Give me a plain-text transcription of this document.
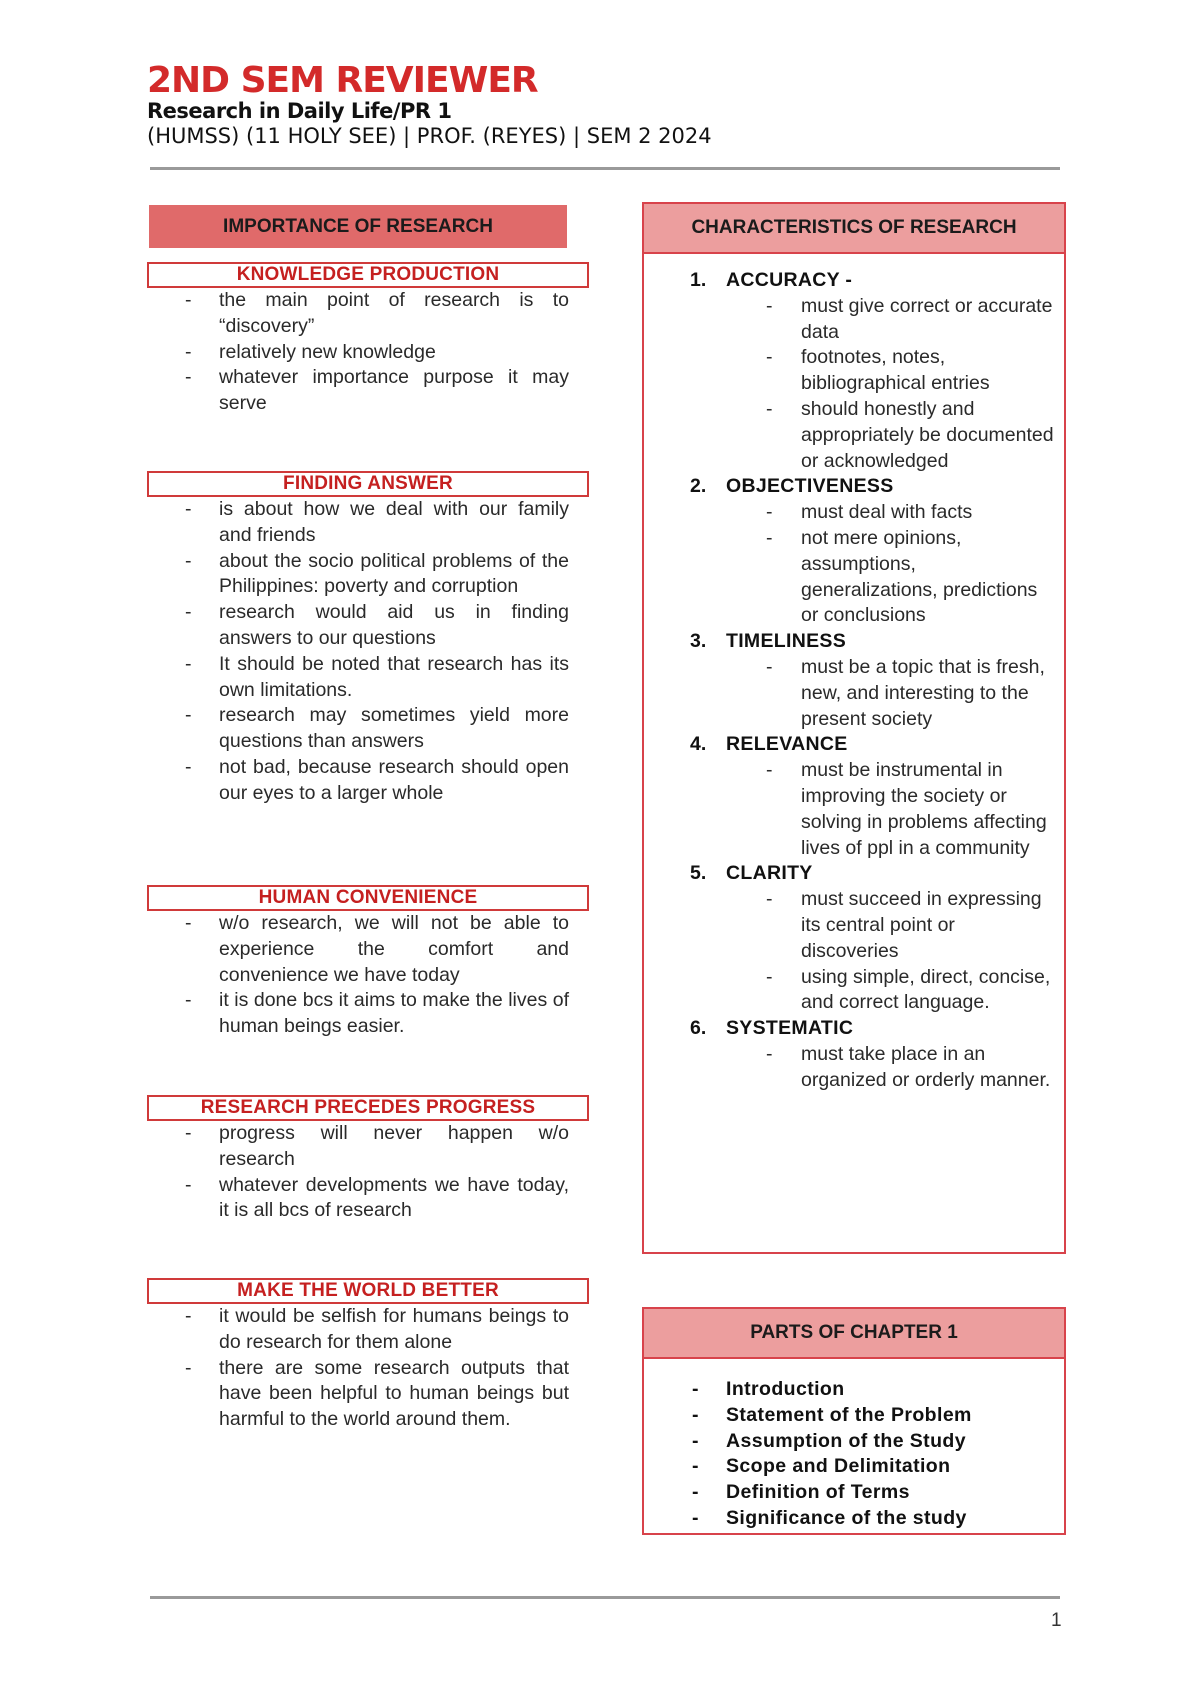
2ND SEM REVIEWER
Research in Daily Life/PR 1
(HUMSS) (11 HOLY SEE) | PROF. (REYES) | SEM 2 2024
IMPORTANCE OF RESEARCH
KNOWLEDGE PRODUCTION
- the main point of research is to “discovery”
- relatively new knowledge
- whatever importance purpose it may serve
FINDING ANSWER
- is about how we deal with our family and friends
- about the socio political problems of the Philippines: poverty and corruption
- research would aid us in finding answers to our questions
- It should be noted that research has its own limitations.
- research may sometimes yield more questions than answers
- not bad, because research should open our eyes to a larger whole
HUMAN CONVENIENCE
- w/o research, we will not be able to experience the comfort and convenience we have today
- it is done bcs it aims to make the lives of human beings easier.
RESEARCH PRECEDES PROGRESS
- progress will never happen w/o research
- whatever developments we have today, it is all bcs of research
MAKE THE WORLD BETTER
- it would be selfish for humans beings to do research for them alone
- there are some research outputs that have been helpful to human beings but harmful to the world around them.
CHARACTERISTICS OF RESEARCH
1.	ACCURACY -
- must give correct or accurate data
- footnotes, notes, bibliographical entries
- should honestly and appropriately be documented or acknowledged
2.	OBJECTIVENESS
- must deal with facts
- not mere opinions, assumptions, generalizations, predictions or conclusions
3.	TIMELINESS
- must be a topic that is fresh, new, and interesting to the present society
4.	RELEVANCE
- must be instrumental in improving the society or solving in problems affecting lives of ppl in a community
5.	CLARITY
- must succeed in expressing its central point or discoveries
- using simple, direct, concise, and correct language.
6.	SYSTEMATIC
- must take place in an organized or orderly manner.
PARTS OF CHAPTER 1
- Introduction
- Statement of the Problem
- Assumption of the Study
- Scope and Delimitation
- Definition of Terms
- Significance of the study
1
